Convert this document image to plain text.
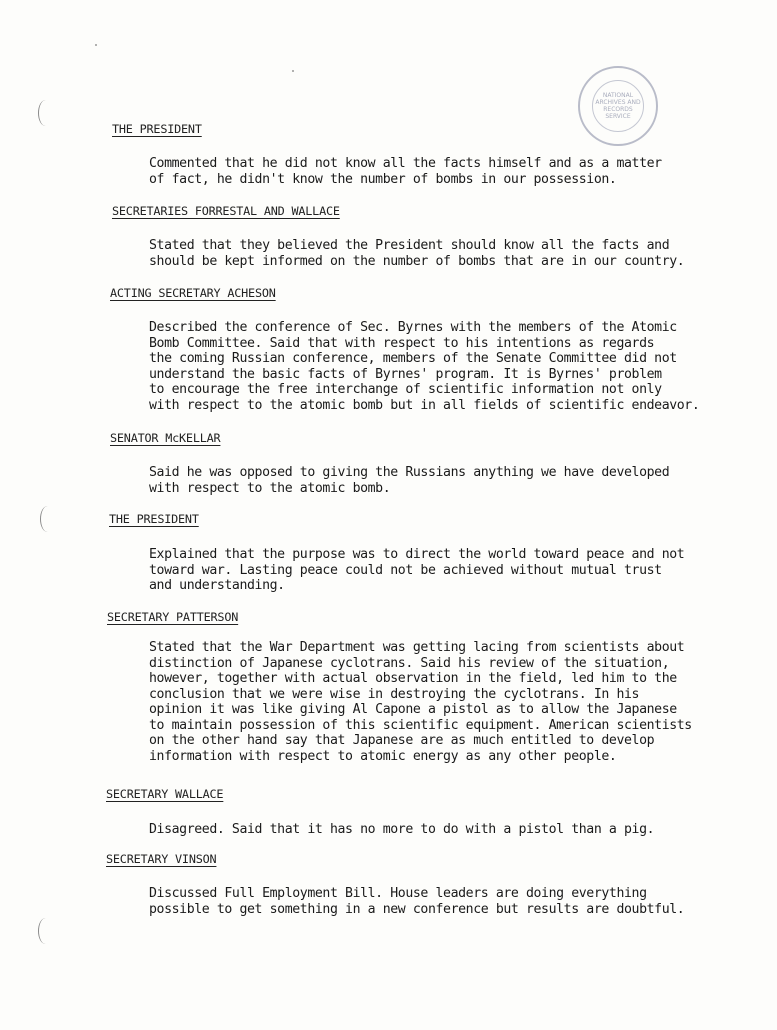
NATIONAL
ARCHIVES AND
RECORDS
SERVICE
THE PRESIDENT
Commented that he did not know all the facts himself and as a matter
of fact, he didn't know the number of bombs in our possession.
SECRETARIES FORRESTAL AND WALLACE
Stated that they believed the President should know all the facts and
should be kept informed on the number of bombs that are in our country.
ACTING SECRETARY ACHESON
Described the conference of Sec. Byrnes with the members of the Atomic
Bomb Committee. Said that with respect to his intentions as regards
the coming Russian conference, members of the Senate Committee did not
understand the basic facts of Byrnes' program. It is Byrnes' problem
to encourage the free interchange of scientific information not only
with respect to the atomic bomb but in all fields of scientific endeavor.
SENATOR McKELLAR
Said he was opposed to giving the Russians anything we have developed
with respect to the atomic bomb.
THE PRESIDENT
Explained that the purpose was to direct the world toward peace and not
toward war. Lasting peace could not be achieved without mutual trust
and understanding.
SECRETARY PATTERSON
Stated that the War Department was getting lacing from scientists about
distinction of Japanese cyclotrans. Said his review of the situation,
however, together with actual observation in the field, led him to the
conclusion that we were wise in destroying the cyclotrans. In his
opinion it was like giving Al Capone a pistol as to allow the Japanese
to maintain possession of this scientific equipment. American scientists
on the other hand say that Japanese are as much entitled to develop
information with respect to atomic energy as any other people.
SECRETARY WALLACE
Disagreed. Said that it has no more to do with a pistol than a pig.
SECRETARY VINSON
Discussed Full Employment Bill. House leaders are doing everything
possible to get something in a new conference but results are doubtful.
